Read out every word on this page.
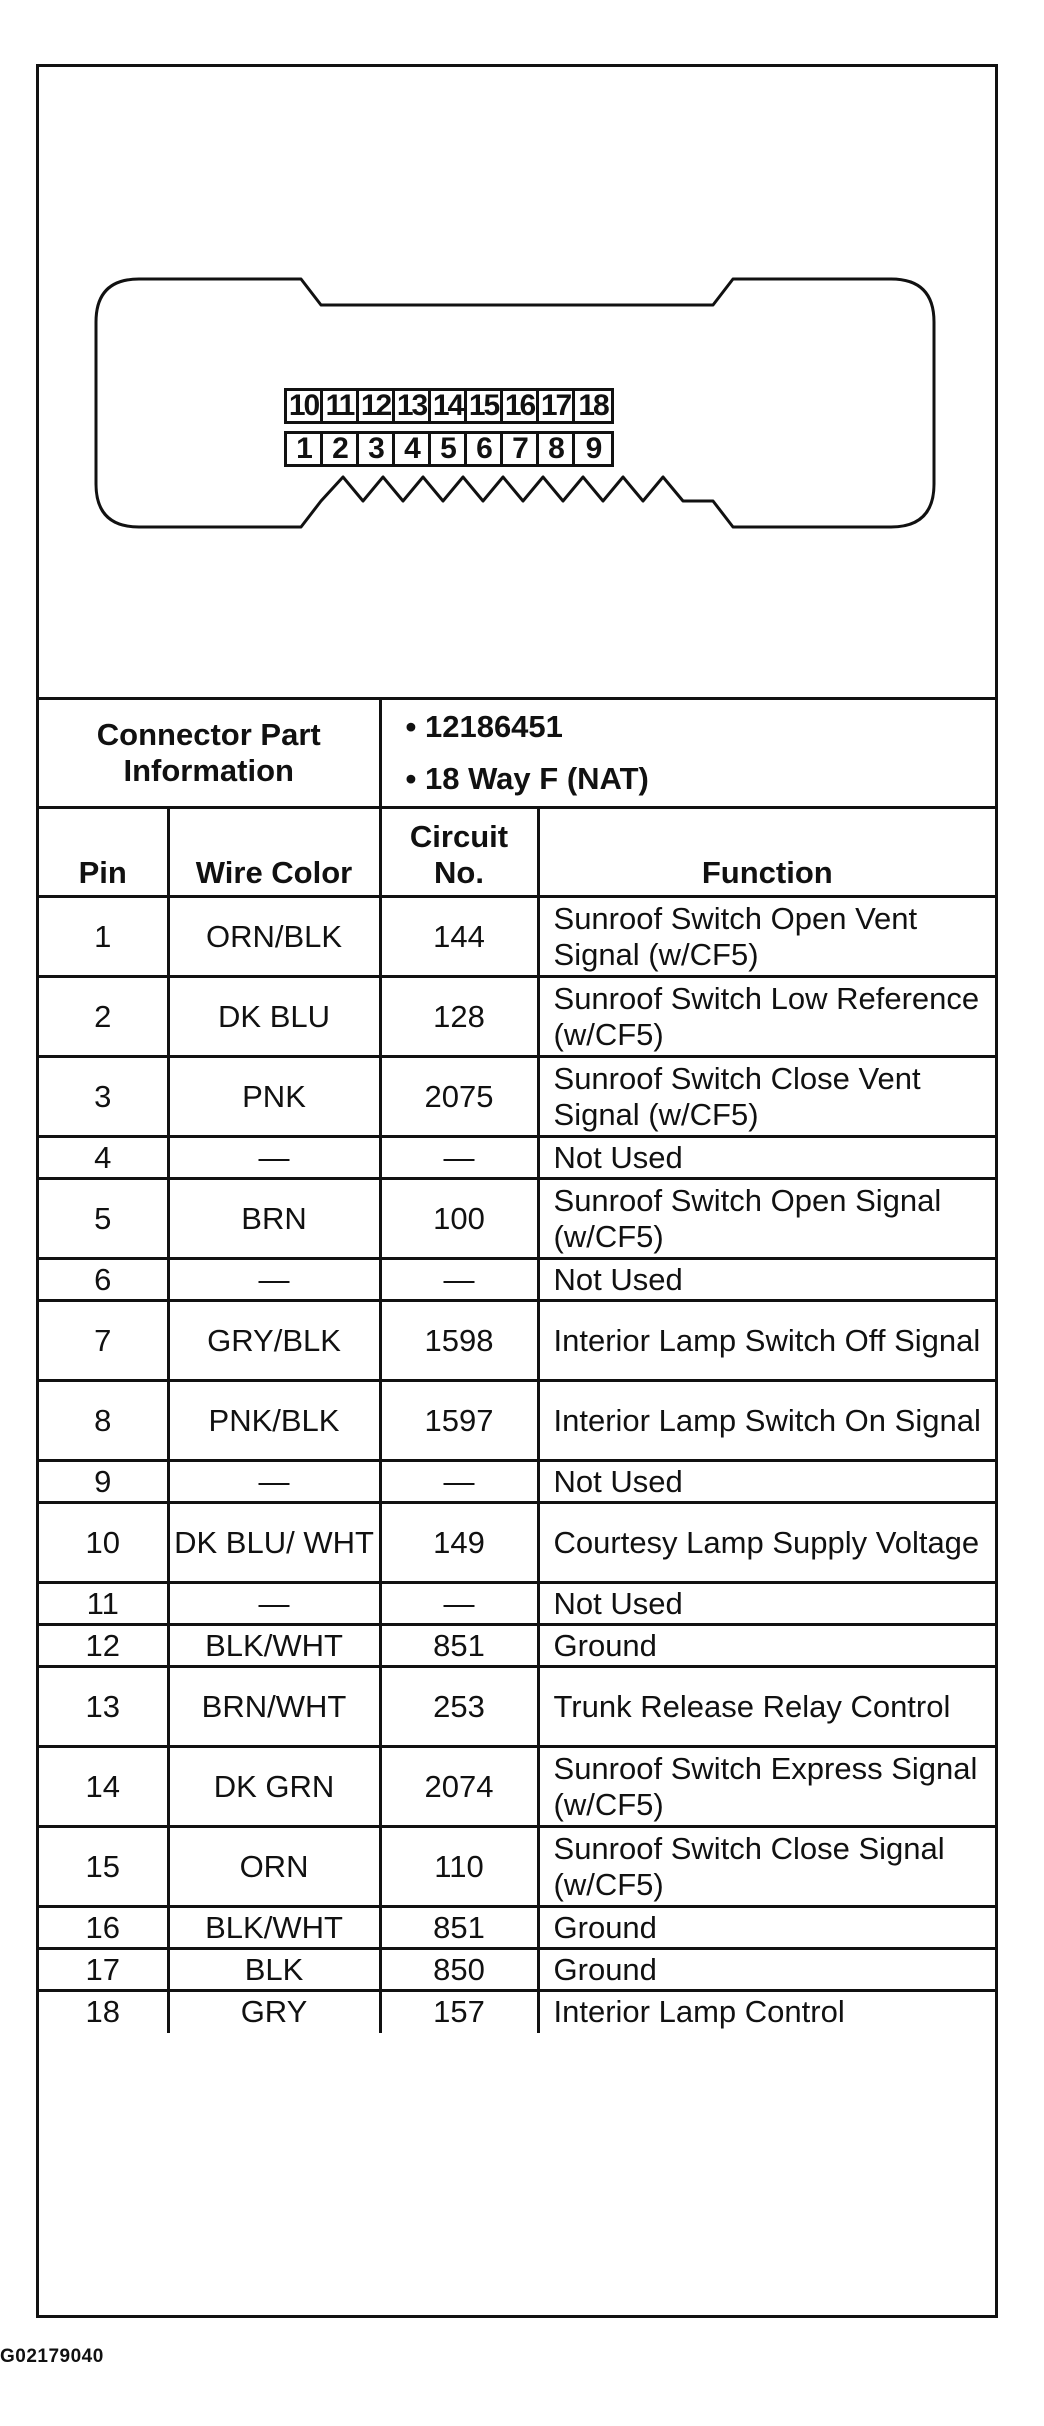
10 11 12 13 14 15 16 17 18
1 2 3 4 5 6 7 8 9
Connector Part Information		• 12186451
• 18 Way F (NAT)	

Pin	Wire Color	Circuit No.	Function
1	ORN/BLK	144	Sunroof Switch Open Vent Signal (w/CF5)
2	DK BLU	128	Sunroof Switch Low Reference (w/CF5)
3	PNK	2075	Sunroof Switch Close Vent Signal (w/CF5)
4	—	—	Not Used
5	BRN	100	Sunroof Switch Open Signal (w/CF5)
6	—	—	Not Used
7	GRY/BLK	1598	Interior Lamp Switch Off Signal
8	PNK/BLK	1597	Interior Lamp Switch On Signal
9	—	—	Not Used
10	DK BLU/ WHT	149	Courtesy Lamp Supply Voltage
11	—	—	Not Used
12	BLK/WHT	851	Ground
13	BRN/WHT	253	Trunk Release Relay Control
14	DK GRN	2074	Sunroof Switch Express Signal (w/CF5)
15	ORN	110	Sunroof Switch Close Signal (w/CF5)
16	BLK/WHT	851	Ground
17	BLK	850	Ground
18	GRY	157	Interior Lamp Control
G02179040
